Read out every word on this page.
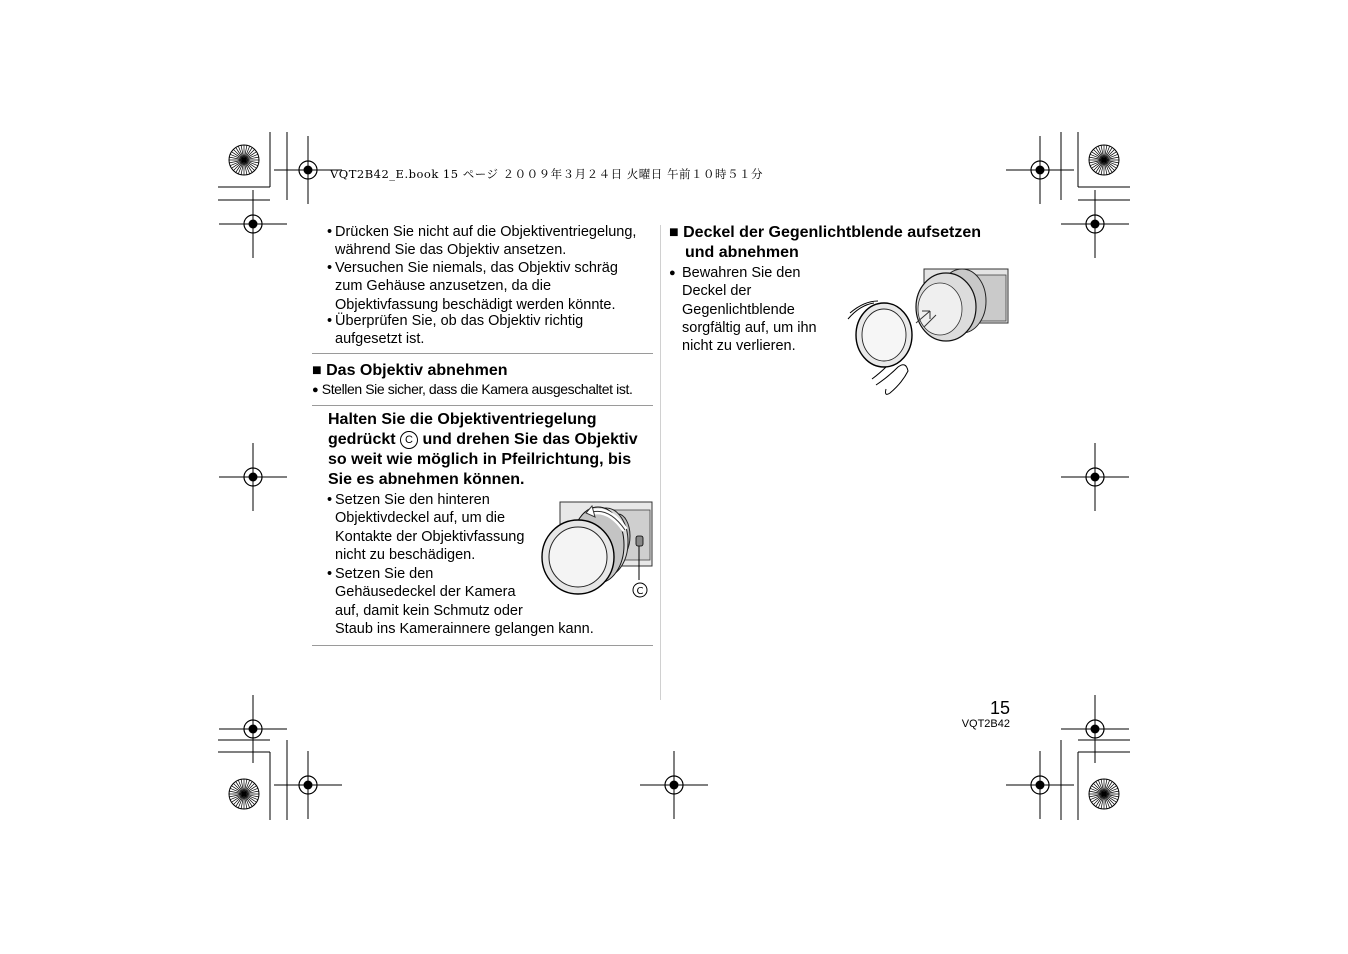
VQT2B42_E.book 15 ページ ２００９年３月２４日 火曜日 午前１０時５１分
• Drücken Sie nicht auf die Objektiventriegelung,
während Sie das Objektiv ansetzen.
• Versuchen Sie niemals, das Objektiv schräg
zum Gehäuse anzusetzen, da die
Objektivfassung beschädigt werden könnte.
• Überprüfen Sie, ob das Objektiv richtig
aufgesetzt ist.
■ Das Objektiv abnehmen
● Stellen Sie sicher, dass die Kamera ausgeschaltet ist.
Halten Sie die Objektiventriegelung
gedrückt C und drehen Sie das Objektiv
so weit wie möglich in Pfeilrichtung, bis
Sie es abnehmen können.
• Setzen Sie den hinteren
Objektivdeckel auf, um die
Kontakte der Objektivfassung
nicht zu beschädigen.
• Setzen Sie den
Gehäusedeckel der Kamera
auf, damit kein Schmutz oder
Staub ins Kamerainnere gelangen kann.
C
■ Deckel der Gegenlichtblende aufsetzen
und abnehmen
● Bewahren Sie den
Deckel der
Gegenlichtblende
sorgfältig auf, um ihn
nicht zu verlieren.
15
VQT2B42
